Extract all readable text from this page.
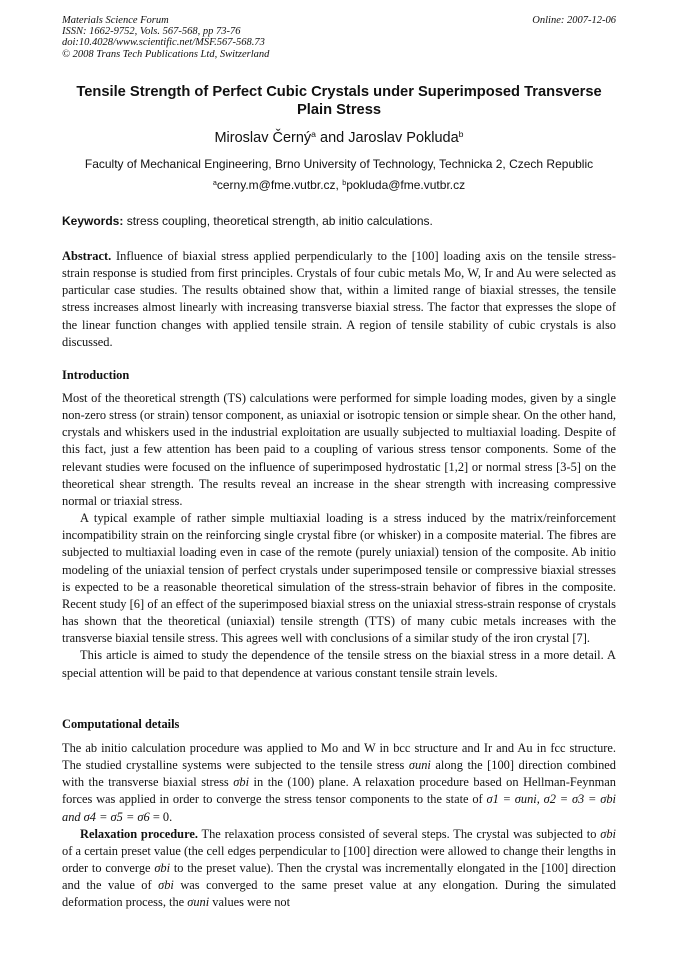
Materials Science Forum
ISSN: 1662-9752, Vols. 567-568, pp 73-76
doi:10.4028/www.scientific.net/MSF.567-568.73
© 2008 Trans Tech Publications Ltd, Switzerland
Online: 2007-12-06
Tensile Strength of Perfect Cubic Crystals under Superimposed Transverse Plain Stress
Miroslav Černý$^a$ and Jaroslav Pokluda$^b$
Faculty of Mechanical Engineering, Brno University of Technology, Technicka 2, Czech Republic
$^a$cerny.m@fme.vutbr.cz, $^b$pokluda@fme.vutbr.cz
Keywords: stress coupling, theoretical strength, ab initio calculations.

Abstract. Influence of biaxial stress applied perpendicularly to the [100] loading axis on the tensile stress-strain response is studied from first principles. Crystals of four cubic metals Mo, W, Ir and Au were selected as particular case studies. The results obtained show that, within a limited range of biaxial stresses, the tensile stress increases almost linearly with increasing transverse biaxial stress. The factor that expresses the slope of the linear function changes with applied tensile strain. A region of tensile stability of cubic crystals is also discussed.

Introduction

Most of the theoretical strength (TS) calculations were performed for simple loading modes, given by a single non-zero stress (or strain) tensor component, as uniaxial or isotropic tension or simple shear. On the other hand, crystals and whiskers used in the industrial exploitation are usually subjected to multiaxial loading. Despite of this fact, just a few attention has been paid to a coupling of various stress tensor components. Some of the relevant studies were focused on the influence of superimposed hydrostatic [1,2] or normal stress [3-5] on the theoretical shear strength. The results reveal an increase in the shear strength with increasing compressive normal or triaxial stress.

A typical example of rather simple multiaxial loading is a stress induced by the matrix/reinforcement incompatibility strain on the reinforcing single crystal fibre (or whisker) in a composite material. The fibres are subjected to multiaxial loading even in case of the remote (purely uniaxial) tension of the composite. Ab initio modeling of the uniaxial tension of perfect crystals under superimposed tensile or compressive biaxial stresses is expected to be a reasonable theoretical simulation of the stress-strain behavior of fibres in the composite. Recent study [6] of an effect of the superimposed biaxial stress on the uniaxial stress-strain response of crystals has shown that the theoretical (uniaxial) tensile strength (TTS) of many cubic metals increases with the transverse biaxial tensile stress. This agrees well with conclusions of a similar study of the iron crystal [7].

This article is aimed to study the dependence of the tensile stress on the biaxial stress in a more detail. A special attention will be paid to that dependence at various constant tensile strain levels.

Computational details

The ab initio calculation procedure was applied to Mo and W in bcc structure and Ir and Au in fcc structure. The studied crystalline systems were subjected to the tensile stress σuni along the [100] direction combined with the transverse biaxial stress σbi in the (100) plane. A relaxation procedure based on Hellman-Feynman forces was applied in order to converge the stress tensor components to the state of σ1 = σuni, σ2 = σ3 = σbi and σ4 = σ5 = σ6 = 0.

Relaxation procedure. The relaxation process consisted of several steps. The crystal was subjected to σbi of a certain preset value (the cell edges perpendicular to [100] direction were allowed to change their lengths in order to converge σbi to the preset value). Then the crystal was incrementally elongated in the [100] direction and the value of σbi was converged to the same preset value at any elongation. During the simulated deformation process, the σuni values were not
